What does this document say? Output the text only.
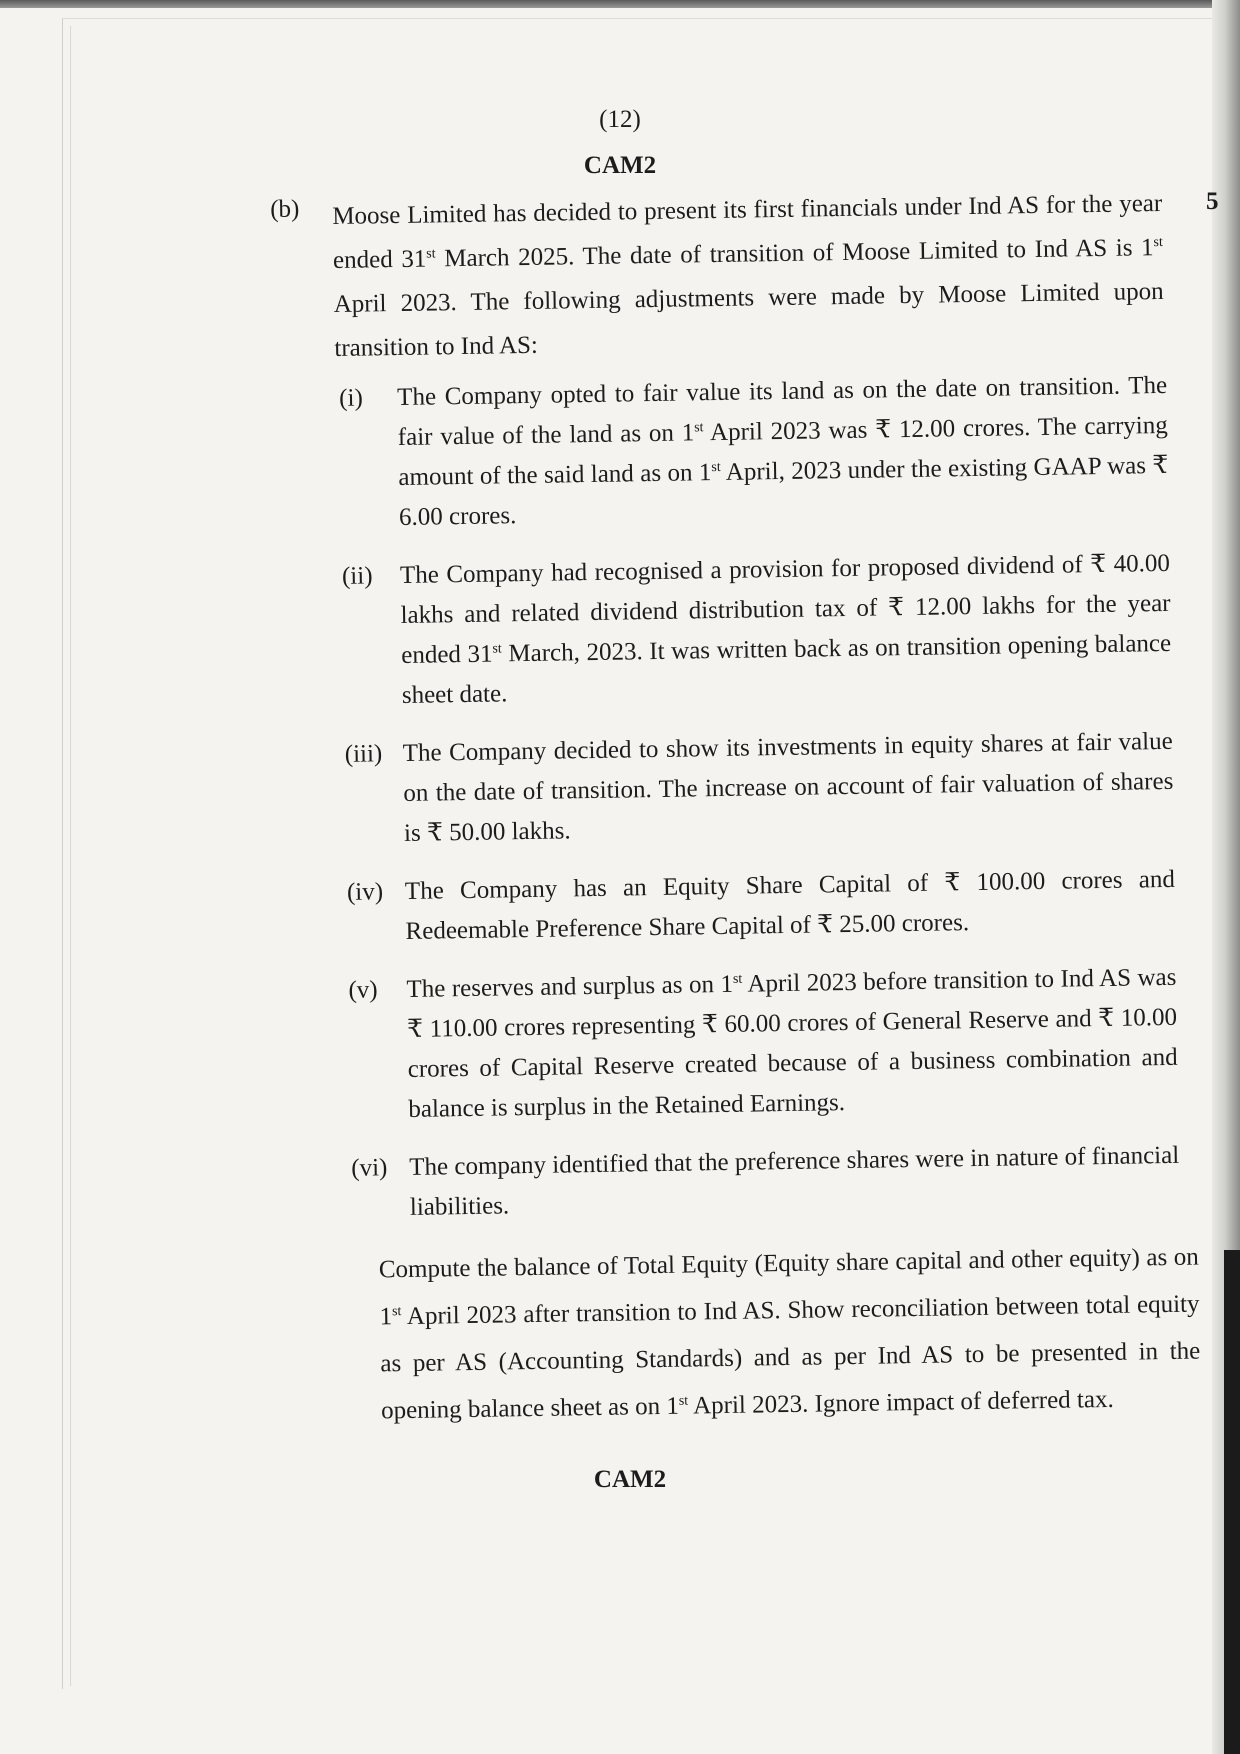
(12)
CAM2
5
(b)	Moose Limited has decided to present its first financials under Ind AS for the year ended 31st March 2025. The date of transition of Moose Limited to Ind AS is 1st April 2023. The following adjustments were made by Moose Limited upon transition to Ind AS:
(i)	The Company opted to fair value its land as on the date on transition. The fair value of the land as on 1st April 2023 was ₹ 12.00 crores. The carrying amount of the said land as on 1st April, 2023 under the existing GAAP was ₹ 6.00 crores.
(ii)	The Company had recognised a provision for proposed dividend of ₹ 40.00 lakhs and related dividend distribution tax of ₹ 12.00 lakhs for the year ended 31st March, 2023. It was written back as on transition opening balance sheet date.
(iii) The Company decided to show its investments in equity shares at fair value on the date of transition. The increase on account of fair valuation of shares is ₹ 50.00 lakhs.
(iv) The Company has an Equity Share Capital of ₹ 100.00 crores and Redeemable Preference Share Capital of ₹ 25.00 crores.
(v)	The reserves and surplus as on 1st April 2023 before transition to Ind AS was ₹ 110.00 crores representing ₹ 60.00 crores of General Reserve and ₹ 10.00 crores of Capital Reserve created because of a business combination and balance is surplus in the Retained Earnings.
(vi) The company identified that the preference shares were in nature of financial liabilities.
Compute the balance of Total Equity (Equity share capital and other equity) as on 1st April 2023 after transition to Ind AS. Show reconciliation between total equity as per AS (Accounting Standards) and as per Ind AS to be presented in the opening balance sheet as on 1st April 2023. Ignore impact of deferred tax.
CAM2
